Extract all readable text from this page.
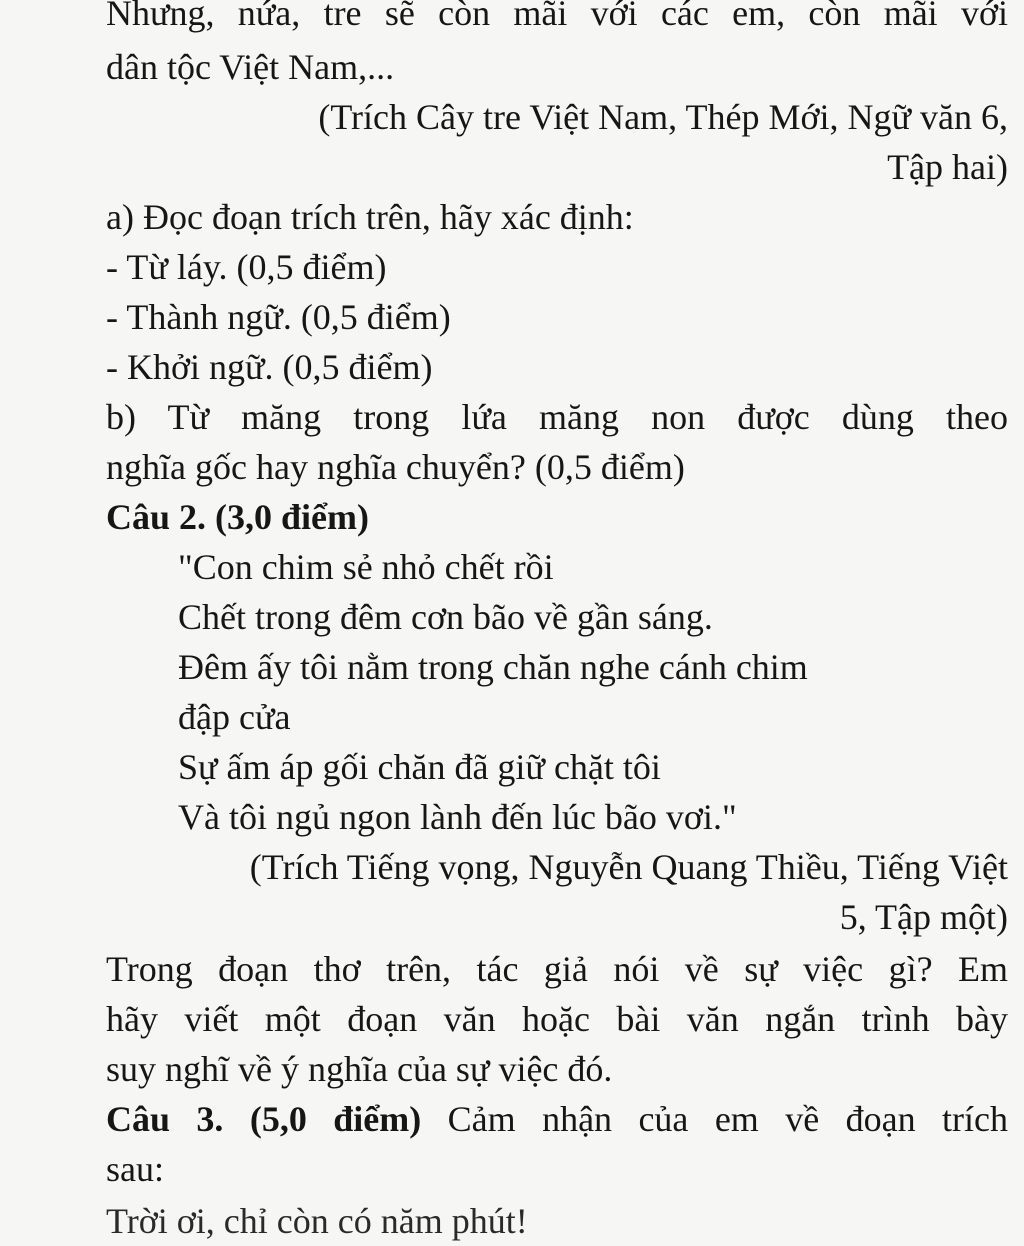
Nhưng, nứa, tre sẽ còn mãi với các em, còn mãi với
dân tộc Việt Nam,...
(Trích Cây tre Việt Nam, Thép Mới, Ngữ văn 6,
Tập hai)
a) Đọc đoạn trích trên, hãy xác định:
- Từ láy. (0,5 điểm)
- Thành ngữ. (0,5 điểm)
- Khởi ngữ. (0,5 điểm)
b) Từ măng trong lứa măng non được dùng theo
nghĩa gốc hay nghĩa chuyển? (0,5 điểm)
Câu 2. (3,0 điểm)
"Con chim sẻ nhỏ chết rồi
Chết trong đêm cơn bão về gần sáng.
Đêm ấy tôi nằm trong chăn nghe cánh chim
đập cửa
Sự ấm áp gối chăn đã giữ chặt tôi
Và tôi ngủ ngon lành đến lúc bão vơi."
(Trích Tiếng vọng, Nguyễn Quang Thiều, Tiếng Việt
5, Tập một)
Trong đoạn thơ trên, tác giả nói về sự việc gì? Em
hãy viết một đoạn văn hoặc bài văn ngắn trình bày
suy nghĩ về ý nghĩa của sự việc đó.
Câu 3. (5,0 điểm) Cảm nhận của em về đoạn trích
sau:
Trời ơi, chỉ còn có năm phút!
